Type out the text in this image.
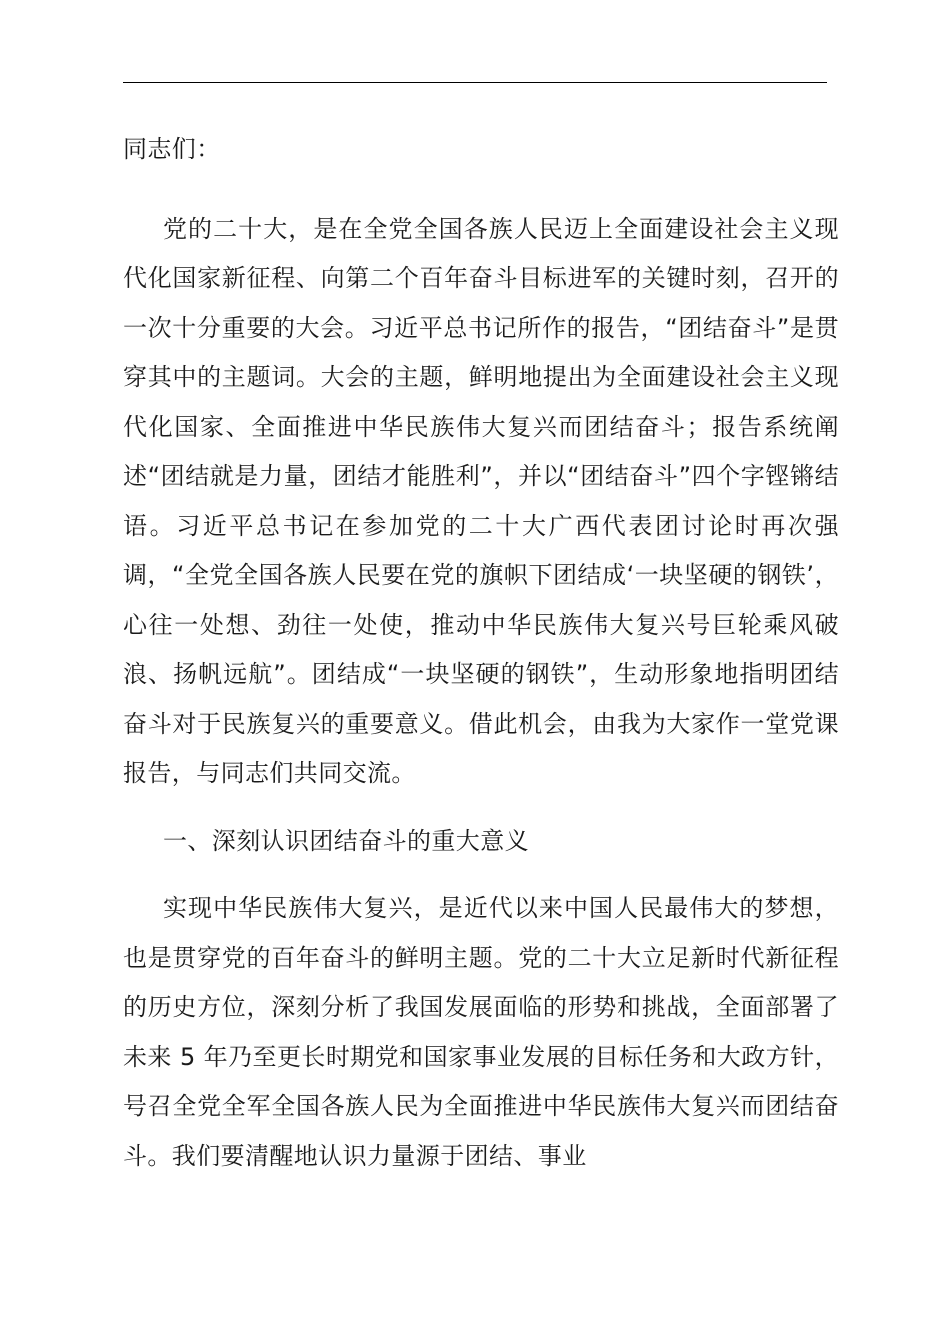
同志们：

党的二十大，是在全党全国各族人民迈上全面建设社会主义现代化国家新征程、向第二个百年奋斗目标进军的关键时刻，召开的一次十分重要的大会。习近平总书记所作的报告，“团结奋斗”是贯穿其中的主题词。大会的主题，鲜明地提出为全面建设社会主义现代化国家、全面推进中华民族伟大复兴而团结奋斗；报告系统阐述“团结就是力量，团结才能胜利”，并以“团结奋斗”四个字铿锵结语。习近平总书记在参加党的二十大广西代表团讨论时再次强调，“全党全国各族人民要在党的旗帜下团结成‘一块坚硬的钢铁’，心往一处想、劲往一处使，推动中华民族伟大复兴号巨轮乘风破浪、扬帆远航”。团结成“一块坚硬的钢铁”，生动形象地指明团结奋斗对于民族复兴的重要意义。借此机会，由我为大家作一堂党课报告，与同志们共同交流。

一、深刻认识团结奋斗的重大意义

实现中华民族伟大复兴，是近代以来中国人民最伟大的梦想，也是贯穿党的百年奋斗的鲜明主题。党的二十大立足新时代新征程的历史方位，深刻分析了我国发展面临的形势和挑战，全面部署了未来 5 年乃至更长时期党和国家事业发展的目标任务和大政方针，号召全党全军全国各族人民为全面推进中华民族伟大复兴而团结奋斗。我们要清醒地认识力量源于团结、事业
